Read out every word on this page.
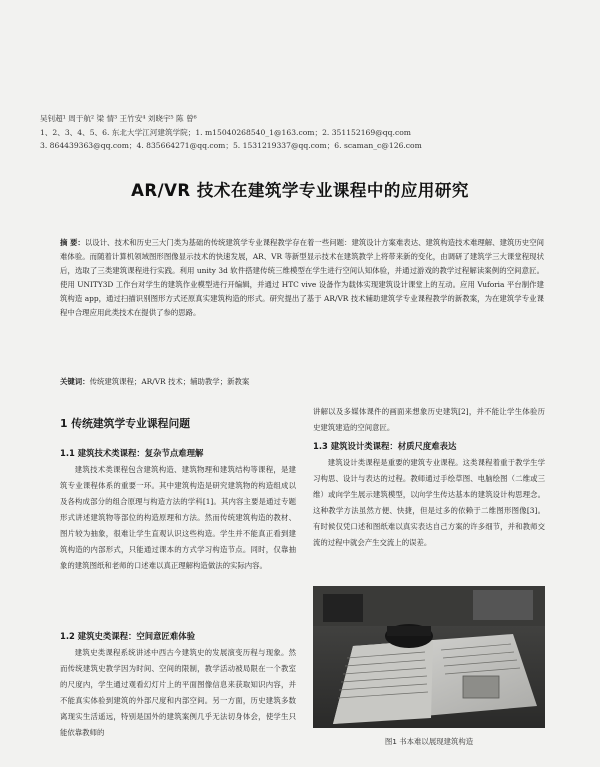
吴钊超¹ 周于航² 梁 情³ 王竹安⁴ 刘晓宇⁵ 陈 曾⁶
1、2、3、4、5、6. 东北大学江河建筑学院；1. m15040268540_1@163.com；2. 351152169@qq.com
3. 864439363@qq.com；4. 835664271@qq.com；5. 1531219337@qq.com；6. scaman_c@126.com
AR/VR 技术在建筑学专业课程中的应用研究
摘 要：以设计、技术和历史三大门类为基础的传统建筑学专业课程教学存在着一些问题：建筑设计方案难表达、建筑构造技术难理解、建筑历史空间难体验。而随着计算机领域图形图像显示技术的快速发展，AR、VR 等新型显示技术在建筑教学上将带来新的变化，由调研了建筑学三大课堂程现状后，选取了三类建筑课程进行实践。利用 unity 3d 软件搭建传统三维模型在学生进行空间认知体验，并通过游戏的教学过程解读案例的空间意匠。使用 UNITY3D 工作台对学生的建筑作业模型进行开编辑，并通过 HTC vive 设备作为载体实现建筑设计课堂上的互动。应用 Vuforia 平台制作建筑构造 app，通过扫描识别图形方式还原真实建筑构造的形式。研究提出了基于 AR/VR 技术辅助建筑学专业课程教学的新教案，为在建筑学专业课程中合理应用此类技术在提供了参的思路。
关键词：传统建筑课程；AR/VR 技术；辅助教学；新教案
1 传统建筑学专业课程问题
1.1 建筑技术类课程：复杂节点难理解

建筑技术类课程包含建筑构造、建筑物理和建筑结构等课程，是建筑专业课程体系的重要一环。其中建筑构造是研究建筑物的构造组成以及各构成部分的组合原理与构造方法的学科[1]。其内容主要是通过专题形式讲述建筑物等部位的构造原理和方法。然而传统建筑构造的教材、图片较为抽象，很难让学生直观认识这些构造。学生并不能真正看到建筑构造的内部形式，只能通过课本的方式学习构造节点。同时，仅靠抽象的建筑图纸和老师的口述难以真正理解构造做法的实际内容。

1.2 建筑史类课程：空间意匠难体验

建筑史类课程系统讲述中西古今建筑史的发展演变历程与现象。然而传统建筑史教学因为时间、空间的限制，教学活动被局限在一个教室的尺度内，学生通过观看幻灯片上的平面图像信息来获取知识内容，并不能真实体验到建筑的外部尺度和内部空间。另一方面，历史建筑多数离现实生活遥远，特别是国外的建筑案例几乎无法切身体会，使学生只能依靠教师的

讲解以及多媒体课件的画面来想象历史建筑[2]，并不能让学生体验历史建筑建造的空间意匠。

1.3 建筑设计类课程：材质尺度难表达

建筑设计类课程是重要的建筑专业课程。这类课程着重于教学生学习构思、设计与表达的过程。教师通过手绘草图、电脑绘图（二维或三维）或向学生展示建筑模型，以向学生传达基本的建筑设计构思理念。这种教学方法虽然方便、快捷，但是过多的依赖于二维图形图像[3]。有时候仅凭口述和图纸难以真实表达自己方案的许多细节，并和教师交流的过程中就会产生交流上的误差。

图1 书本难以展现建筑构造
